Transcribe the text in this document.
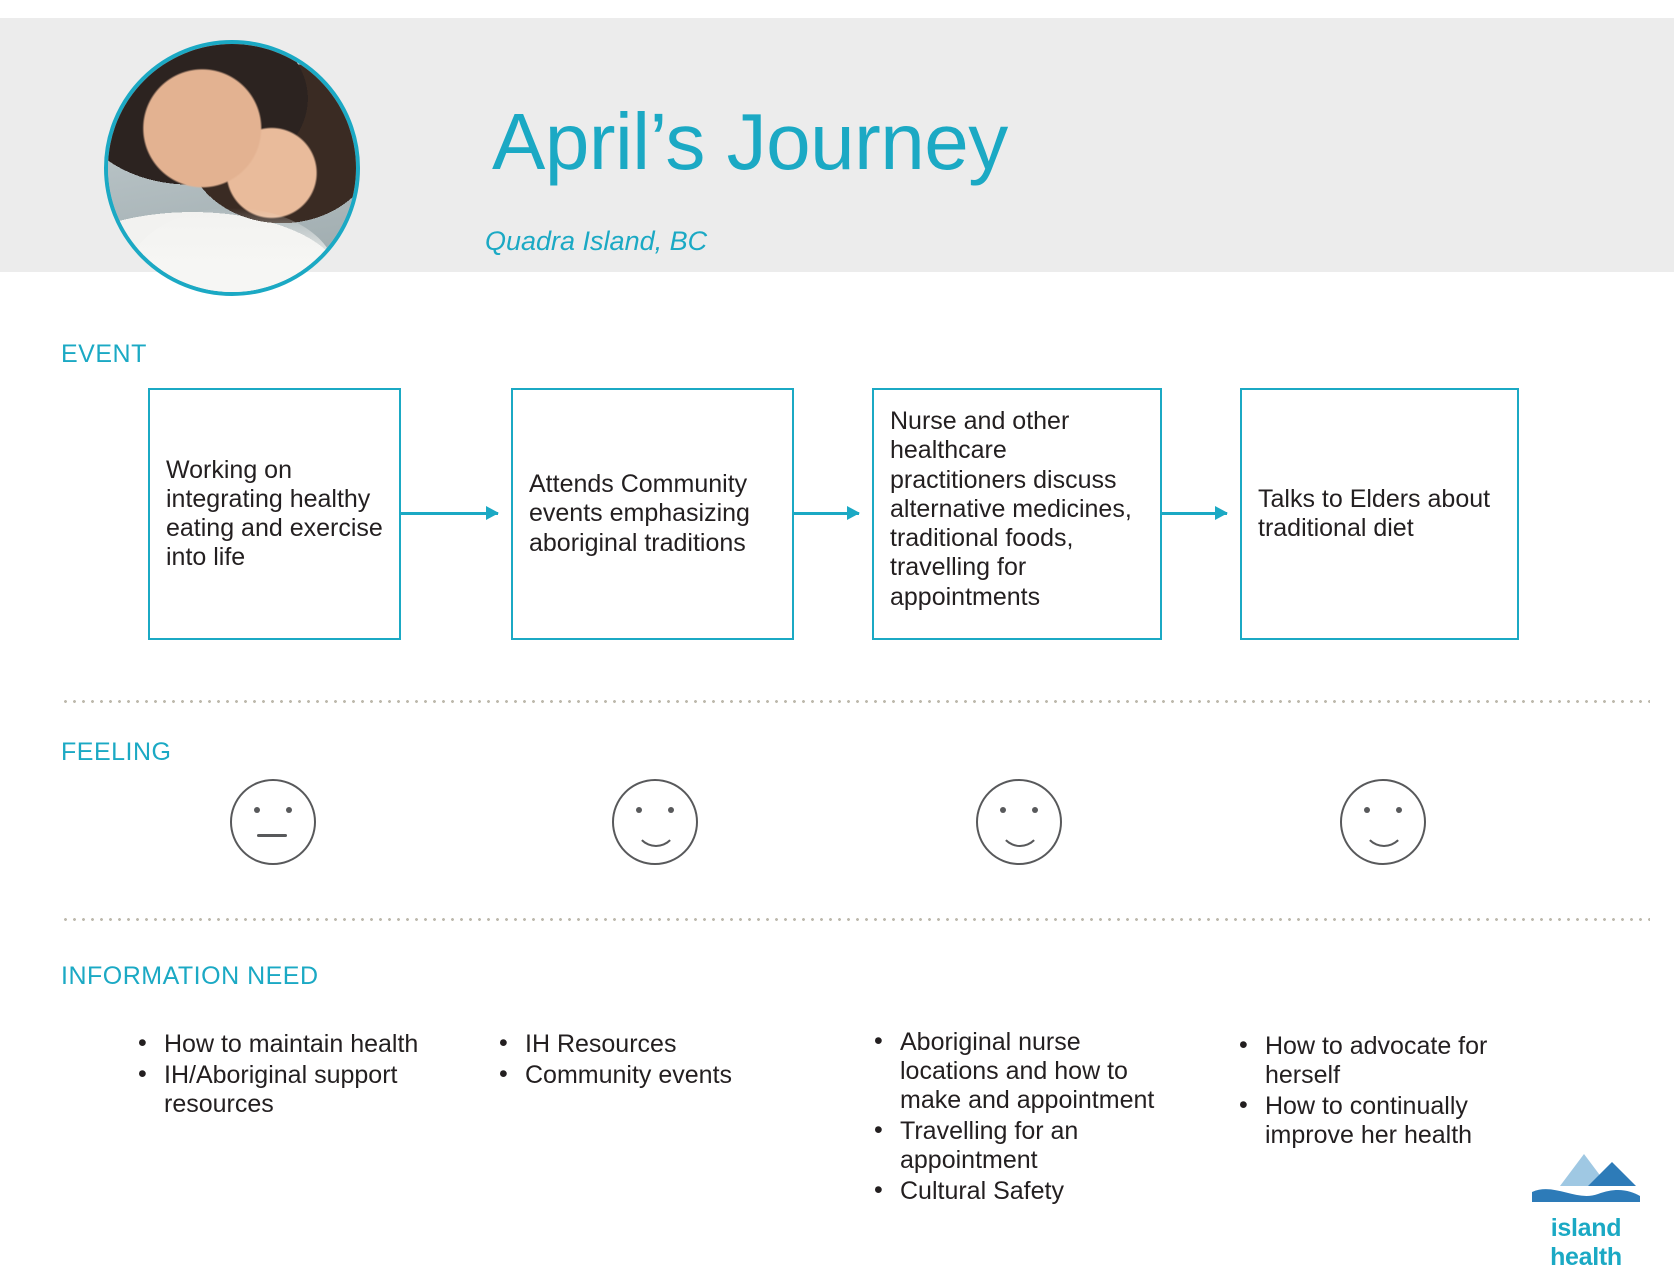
April’s Journey
Quadra Island, BC
EVENT
Working on integrating healthy eating and exercise into life
Attends Community events emphasizing aboriginal traditions
Nurse and other healthcare practitioners discuss alternative medicines, traditional foods, travelling for appointments
Talks to Elders about traditional diet
FEELING
INFORMATION NEED
• How to maintain health
• IH/Aboriginal support resources
• IH Resources
• Community events
• Aboriginal nurse locations and how to make and appointment
• Travelling for an appointment
• Cultural Safety
• How to advocate for herself
• How to continually improve her health
island health
